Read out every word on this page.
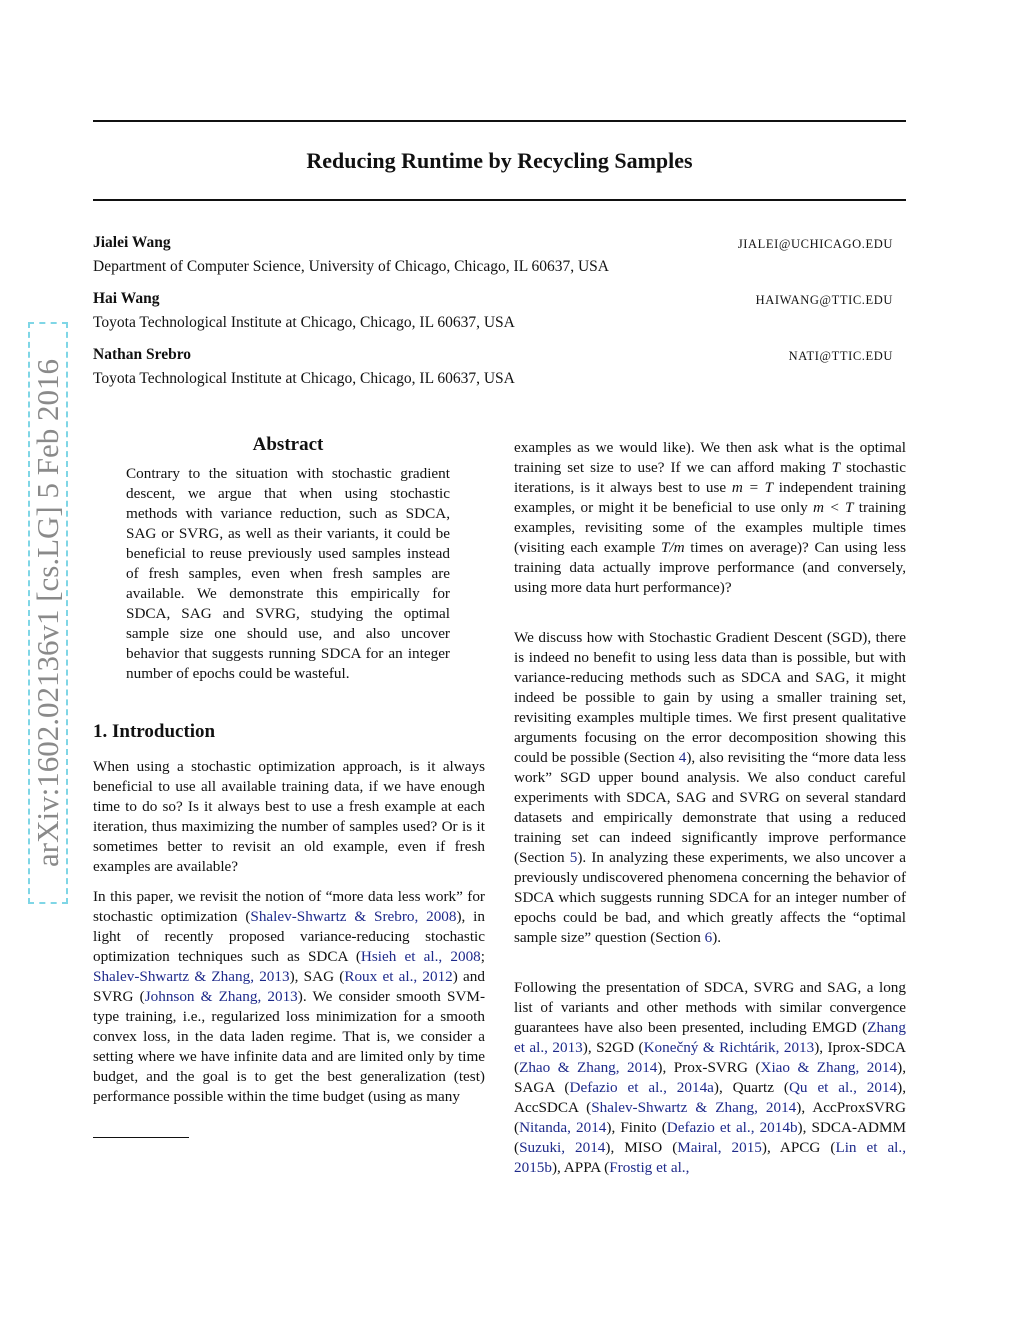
arXiv:1602.02136v1 [cs.LG] 5 Feb 2016
Reducing Runtime by Recycling Samples
Jialei Wang	JIALEI@UCHICAGO.EDU
Department of Computer Science, University of Chicago, Chicago, IL 60637, USA
Hai Wang	HAIWANG@TTIC.EDU
Toyota Technological Institute at Chicago, Chicago, IL 60637, USA
Nathan Srebro	NATI@TTIC.EDU
Toyota Technological Institute at Chicago, Chicago, IL 60637, USA
Abstract

Contrary to the situation with stochastic gradient descent, we argue that when using stochastic methods with variance reduction, such as SDCA, SAG or SVRG, as well as their variants, it could be beneficial to reuse previously used samples instead of fresh samples, even when fresh samples are available. We demonstrate this empirically for SDCA, SAG and SVRG, studying the optimal sample size one should use, and also uncover behavior that suggests running SDCA for an integer number of epochs could be wasteful.

1. Introduction

When using a stochastic optimization approach, is it always beneficial to use all available training data, if we have enough time to do so? Is it always best to use a fresh example at each iteration, thus maximizing the number of samples used? Or is it sometimes better to revisit an old example, even if fresh examples are available?

In this paper, we revisit the notion of “more data less work” for stochastic optimization (Shalev-Shwartz & Srebro, 2008), in light of recently proposed variance-reducing stochastic optimization techniques such as SDCA (Hsieh et al., 2008; Shalev-Shwartz & Zhang, 2013), SAG (Roux et al., 2012) and SVRG (Johnson & Zhang, 2013). We consider smooth SVM-type training, i.e., regularized loss minimization for a smooth convex loss, in the data laden regime. That is, we consider a setting where we have infinite data and are limited only by time budget, and the goal is to get the best generalization (test) performance possible within the time budget (using as many

examples as we would like). We then ask what is the optimal training set size to use? If we can afford making T stochastic iterations, is it always best to use m = T independent training examples, or might it be beneficial to use only m < T training examples, revisiting some of the examples multiple times (visiting each example T/m times on average)? Can using less training data actually improve performance (and conversely, using more data hurt performance)?

We discuss how with Stochastic Gradient Descent (SGD), there is indeed no benefit to using less data than is possible, but with variance-reducing methods such as SDCA and SAG, it might indeed be possible to gain by using a smaller training set, revisiting examples multiple times. We first present qualitative arguments focusing on the error decomposition showing this could be possible (Section 4), also revisiting the “more data less work” SGD upper bound analysis. We also conduct careful experiments with SDCA, SAG and SVRG on several standard datasets and empirically demonstrate that using a reduced training set can indeed significantly improve performance (Section 5). In analyzing these experiments, we also uncover a previously undiscovered phenomena concerning the behavior of SDCA which suggests running SDCA for an integer number of epochs could be bad, and which greatly affects the “optimal sample size” question (Section 6).

Following the presentation of SDCA, SVRG and SAG, a long list of variants and other methods with similar convergence guarantees have also been presented, including EMGD (Zhang et al., 2013), S2GD (Konečný & Richtárik, 2013), Iprox-SDCA (Zhao & Zhang, 2014), Prox-SVRG (Xiao & Zhang, 2014), SAGA (Defazio et al., 2014a), Quartz (Qu et al., 2014), AccSDCA (Shalev-Shwartz & Zhang, 2014), AccProxSVRG (Nitanda, 2014), Finito (Defazio et al., 2014b), SDCA-ADMM (Suzuki, 2014), MISO (Mairal, 2015), APCG (Lin et al., 2015b), APPA (Frostig et al.,
